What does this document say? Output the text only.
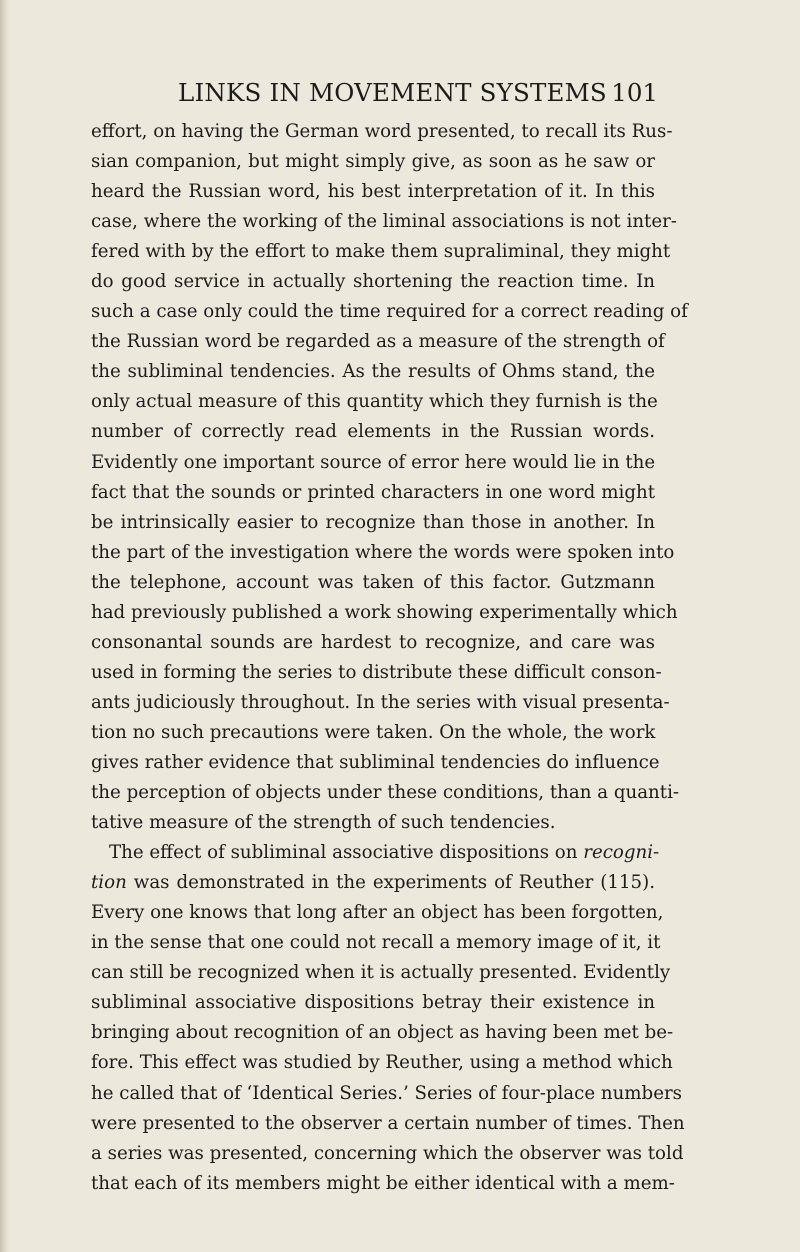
LINKS IN MOVEMENT SYSTEMS 101
effort, on having the German word presented, to recall its Rus-
sian companion, but might simply give, as soon as he saw or
heard the Russian word, his best interpretation of it. In this
case, where the working of the liminal associations is not inter-
fered with by the effort to make them supraliminal, they might
do good service in actually shortening the reaction time. In
such a case only could the time required for a correct reading of
the Russian word be regarded as a measure of the strength of
the subliminal tendencies. As the results of Ohms stand, the
only actual measure of this quantity which they furnish is the
number of correctly read elements in the Russian words.
Evidently one important source of error here would lie in the
fact that the sounds or printed characters in one word might
be intrinsically easier to recognize than those in another. In
the part of the investigation where the words were spoken into
the telephone, account was taken of this factor. Gutzmann
had previously published a work showing experimentally which
consonantal sounds are hardest to recognize, and care was
used in forming the series to distribute these difficult conson-
ants judiciously throughout. In the series with visual presenta-
tion no such precautions were taken. On the whole, the work
gives rather evidence that subliminal tendencies do influence
the perception of objects under these conditions, than a quanti-
tative measure of the strength of such tendencies.
The effect of subliminal associative dispositions on recogni-
tion was demonstrated in the experiments of Reuther (115).
Every one knows that long after an object has been forgotten,
in the sense that one could not recall a memory image of it, it
can still be recognized when it is actually presented. Evidently
subliminal associative dispositions betray their existence in
bringing about recognition of an object as having been met be-
fore. This effect was studied by Reuther, using a method which
he called that of ‘Identical Series.’ Series of four-place numbers
were presented to the observer a certain number of times. Then
a series was presented, concerning which the observer was told
that each of its members might be either identical with a mem-
